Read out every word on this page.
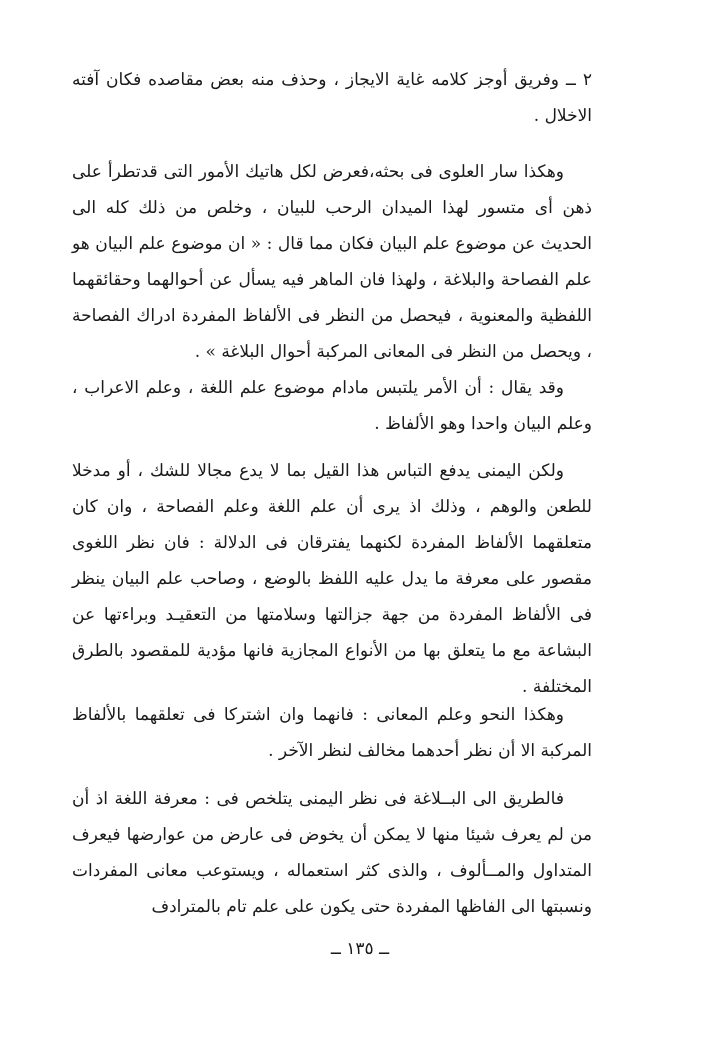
٢ ــ وفريق أوجز كلامه غاية الايجاز ، وحذف منه بعض مقاصده فكان آفته الاخلال .

وهكذا سار العلوى فى بحثه،فعرض لكل هاتيك الأمور التى قدتطرأ على ذهن أى متسور لهذا الميدان الرحب للبيان ، وخلص من ذلك كله الى الحديث عن موضوع علم البيان فكان مما قال : « ان موضوع علم البيان هو علم الفصاحة والبلاغة ، ولهذا فان الماهر فيه يسأل عن أحوالهما وحقائقهما اللفظية والمعنوية ، فيحصل من النظر فى الألفاظ المفردة ادراك الفصاحة ، ويحصل من النظر فى المعانى المركبة أحوال البلاغة » .

وقد يقال : أن الأمر يلتبس مادام موضوع علم اللغة ، وعلم الاعراب ، وعلم البيان واحدا وهو الألفاظ .

ولكن اليمنى يدفع التباس هذا القيل بما لا يدع مجالا للشك ، أو مدخلا للطعن والوهم ، وذلك اذ يرى أن علم اللغة وعلم الفصاحة ، وان كان متعلقهما الألفاظ المفردة لكنهما يفترقان فى الدلالة : فان نظر اللغوى مقصور على معرفة ما يدل عليه اللفظ بالوضع ، وصاحب علم البيان ينظر فى الألفاظ المفردة من جهة جزالتها وسلامتها من التعقيـد وبراءتها عن البشاعة مع ما يتعلق بها من الأنواع المجازية فانها مؤدية للمقصود بالطرق المختلفة .

وهكذا النحو وعلم المعانى : فانهما وان اشتركا فى تعلقهما بالألفاظ المركبة الا أن نظر أحدهما مخالف لنظر الآخر .

فالطريق الى البــلاغة فى نظر اليمنى يتلخص فى : معرفة اللغة اذ أن من لم يعرف شيئا منها لا يمكن أن يخوض فى عارض من عوارضها فيعرف المتداول والمــألوف ، والذى كثر استعماله ، ويستوعب معانى المفردات ونسبتها الى الفاظها المفردة حتى يكون على علم تام بالمترادف

ــ ١٣٥ ــ
